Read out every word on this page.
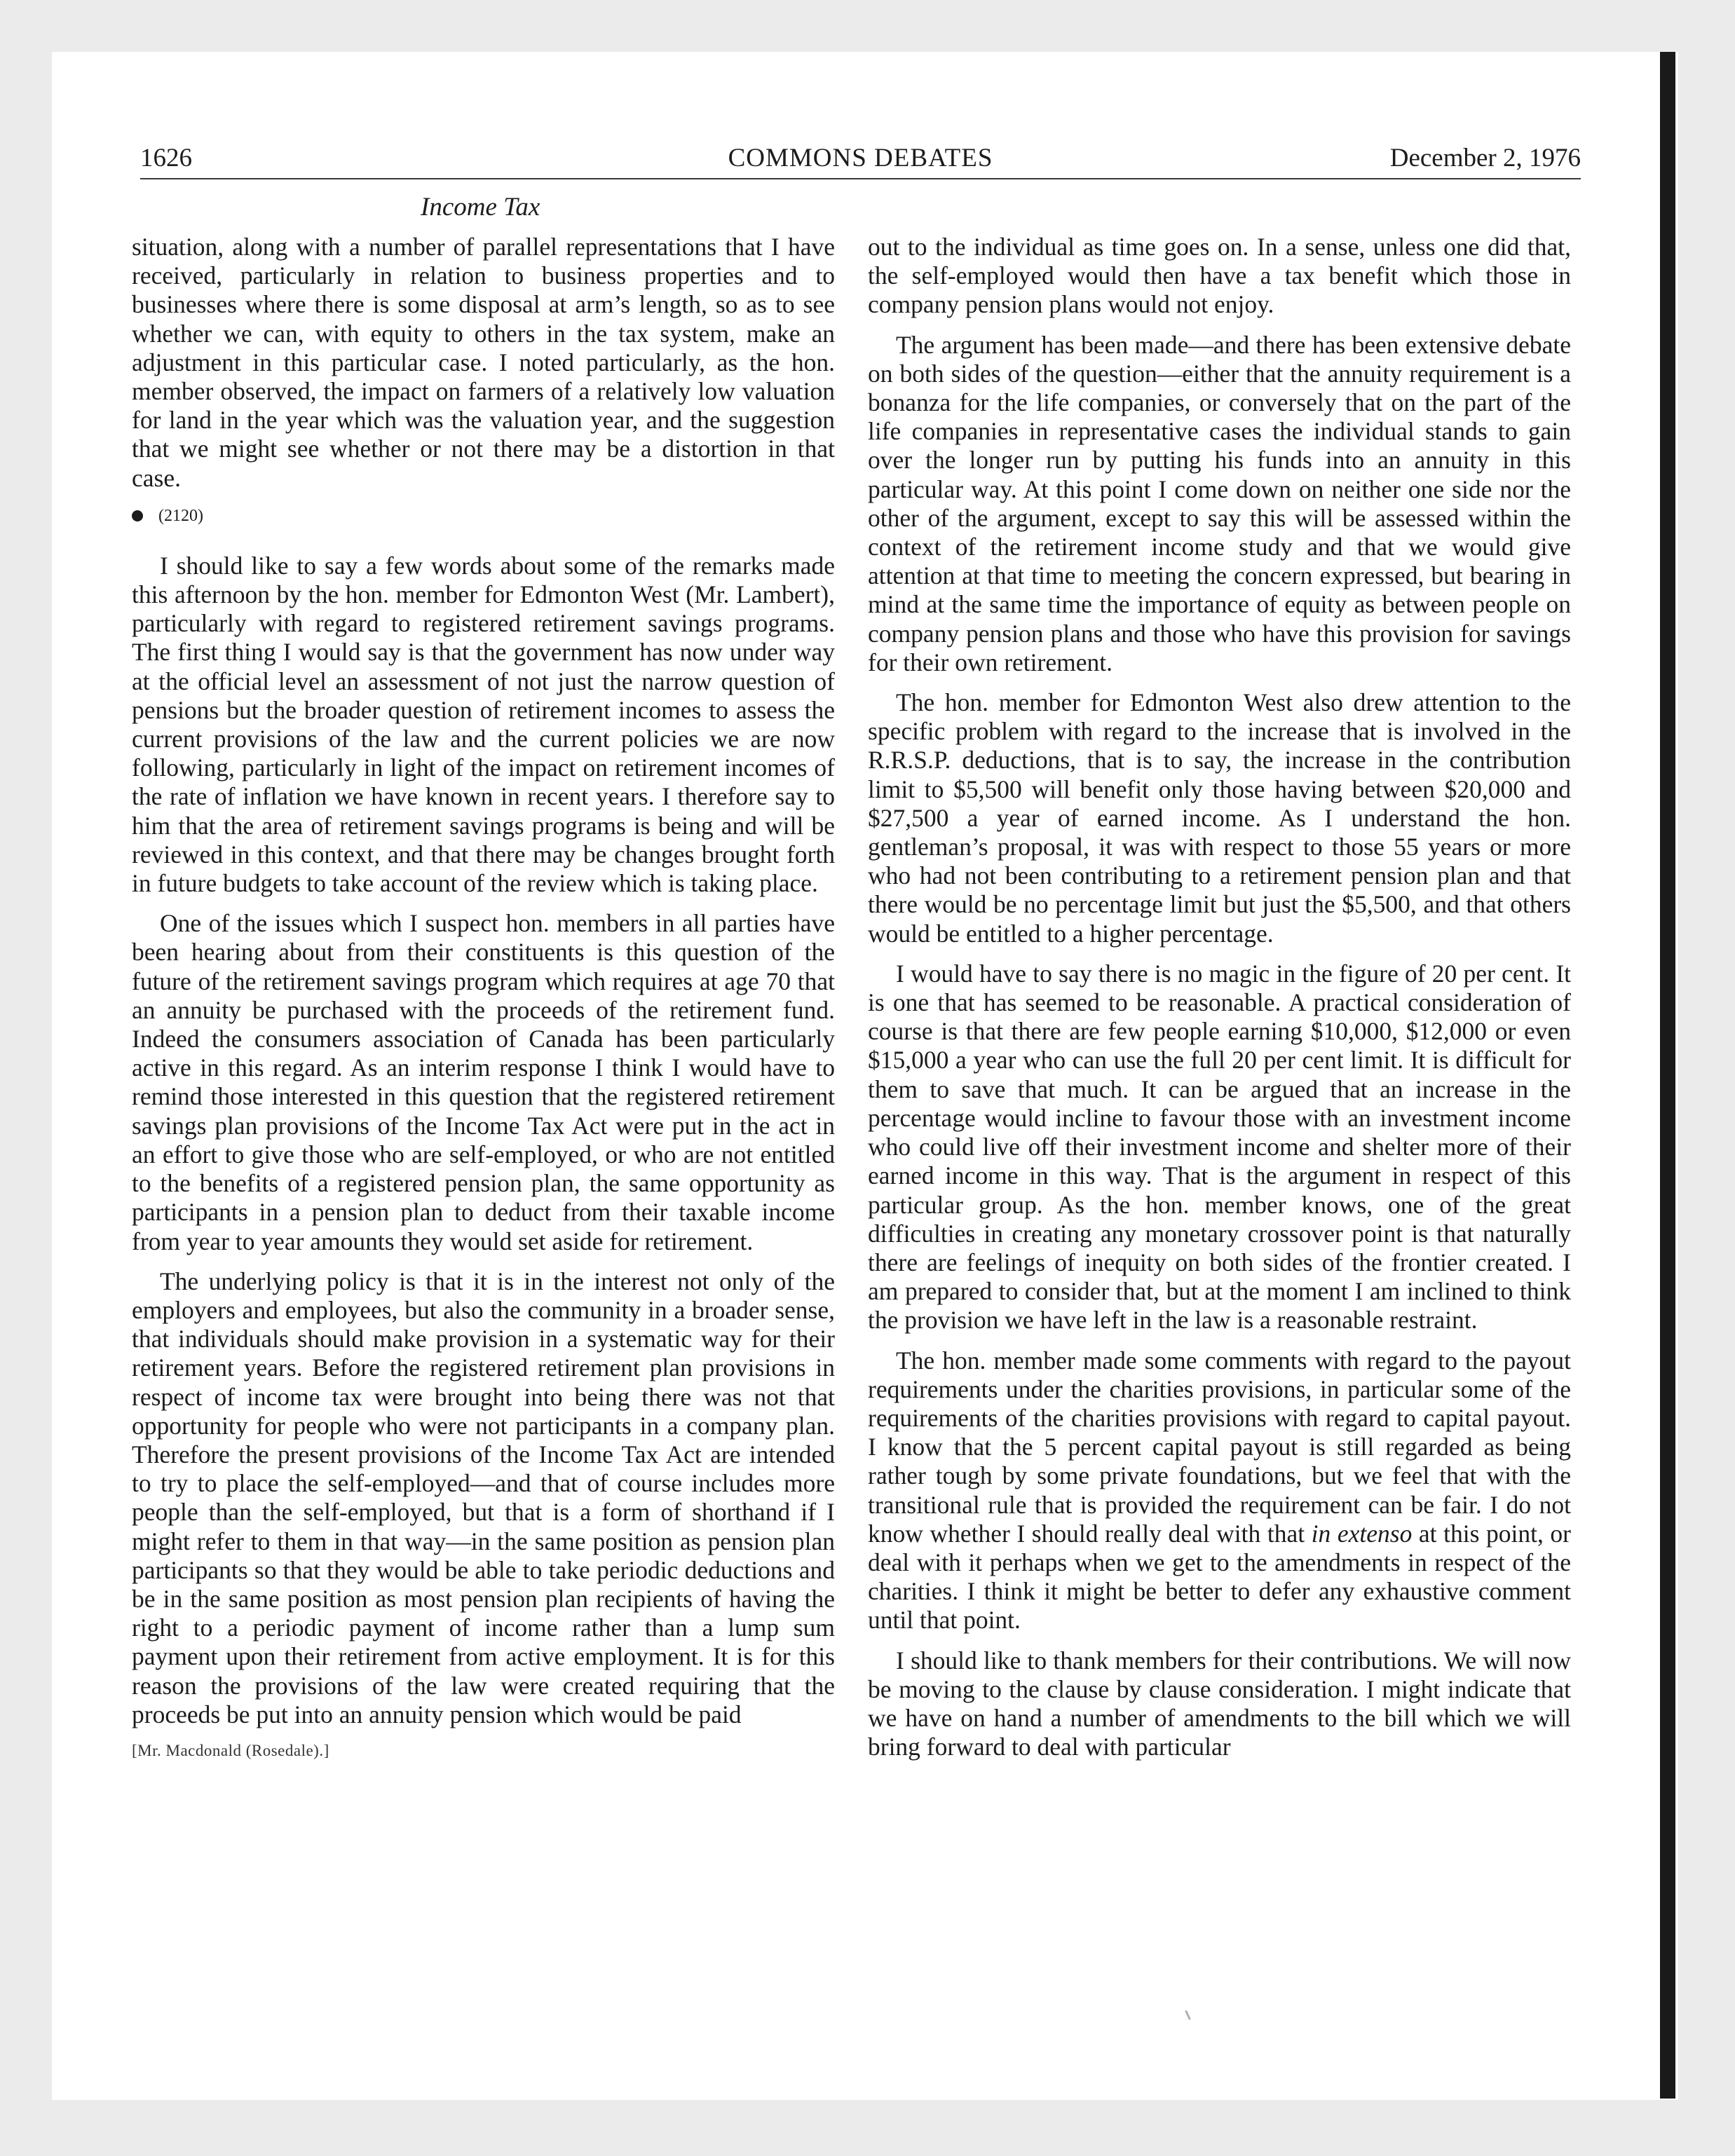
1626	COMMONS DEBATES	December 2, 1976
Income Tax

situation, along with a number of parallel representations that I have received, particularly in relation to business properties and to businesses where there is some disposal at arm’s length, so as to see whether we can, with equity to others in the tax system, make an adjustment in this particular case. I noted particularly, as the hon. member observed, the impact on farmers of a relatively low valuation for land in the year which was the valuation year, and the suggestion that we might see whether or not there may be a distortion in that case.

(2120)

I should like to say a few words about some of the remarks made this afternoon by the hon. member for Edmonton West (Mr. Lambert), particularly with regard to registered retirement savings programs. The first thing I would say is that the government has now under way at the official level an assessment of not just the narrow question of pensions but the broader question of retirement incomes to assess the current provisions of the law and the current policies we are now following, particularly in light of the impact on retirement incomes of the rate of inflation we have known in recent years. I therefore say to him that the area of retirement savings programs is being and will be reviewed in this context, and that there may be changes brought forth in future budgets to take account of the review which is taking place.

One of the issues which I suspect hon. members in all parties have been hearing about from their constituents is this question of the future of the retirement savings program which requires at age 70 that an annuity be purchased with the proceeds of the retirement fund. Indeed the consumers association of Canada has been particularly active in this regard. As an interim response I think I would have to remind those interested in this question that the registered retirement savings plan provisions of the Income Tax Act were put in the act in an effort to give those who are self-employed, or who are not entitled to the benefits of a registered pension plan, the same opportunity as participants in a pension plan to deduct from their taxable income from year to year amounts they would set aside for retirement.

The underlying policy is that it is in the interest not only of the employers and employees, but also the community in a broader sense, that individuals should make provision in a systematic way for their retirement years. Before the registered retirement plan provisions in respect of income tax were brought into being there was not that opportunity for people who were not participants in a company plan. Therefore the present provisions of the Income Tax Act are intended to try to place the self-employed—and that of course includes more people than the self-employed, but that is a form of shorthand if I might refer to them in that way—in the same position as pension plan participants so that they would be able to take periodic deductions and be in the same position as most pension plan recipients of having the right to a periodic payment of income rather than a lump sum payment upon their retirement from active employment. It is for this reason the provisions of the law were created requiring that the proceeds be put into an annuity pension which would be paid

[Mr. Macdonald (Rosedale).]

out to the individual as time goes on. In a sense, unless one did that, the self-employed would then have a tax benefit which those in company pension plans would not enjoy.

The argument has been made—and there has been extensive debate on both sides of the question—either that the annuity requirement is a bonanza for the life companies, or conversely that on the part of the life companies in representative cases the individual stands to gain over the longer run by putting his funds into an annuity in this particular way. At this point I come down on neither one side nor the other of the argument, except to say this will be assessed within the context of the retirement income study and that we would give attention at that time to meeting the concern expressed, but bearing in mind at the same time the importance of equity as between people on company pension plans and those who have this provision for savings for their own retirement.

The hon. member for Edmonton West also drew attention to the specific problem with regard to the increase that is involved in the R.R.S.P. deductions, that is to say, the increase in the contribution limit to $5,500 will benefit only those having between $20,000 and $27,500 a year of earned income. As I understand the hon. gentleman’s proposal, it was with respect to those 55 years or more who had not been contributing to a retirement pension plan and that there would be no percentage limit but just the $5,500, and that others would be entitled to a higher percentage.

I would have to say there is no magic in the figure of 20 per cent. It is one that has seemed to be reasonable. A practical consideration of course is that there are few people earning $10,000, $12,000 or even $15,000 a year who can use the full 20 per cent limit. It is difficult for them to save that much. It can be argued that an increase in the percentage would incline to favour those with an investment income who could live off their investment income and shelter more of their earned income in this way. That is the argument in respect of this particular group. As the hon. member knows, one of the great difficulties in creating any monetary crossover point is that naturally there are feelings of inequity on both sides of the frontier created. I am prepared to consider that, but at the moment I am inclined to think the provision we have left in the law is a reasonable restraint.

The hon. member made some comments with regard to the payout requirements under the charities provisions, in particular some of the requirements of the charities provisions with regard to capital payout. I know that the 5 percent capital payout is still regarded as being rather tough by some private foundations, but we feel that with the transitional rule that is provided the requirement can be fair. I do not know whether I should really deal with that in extenso at this point, or deal with it perhaps when we get to the amendments in respect of the charities. I think it might be better to defer any exhaustive comment until that point.

I should like to thank members for their contributions. We will now be moving to the clause by clause consideration. I might indicate that we have on hand a number of amendments to the bill which we will bring forward to deal with particular
